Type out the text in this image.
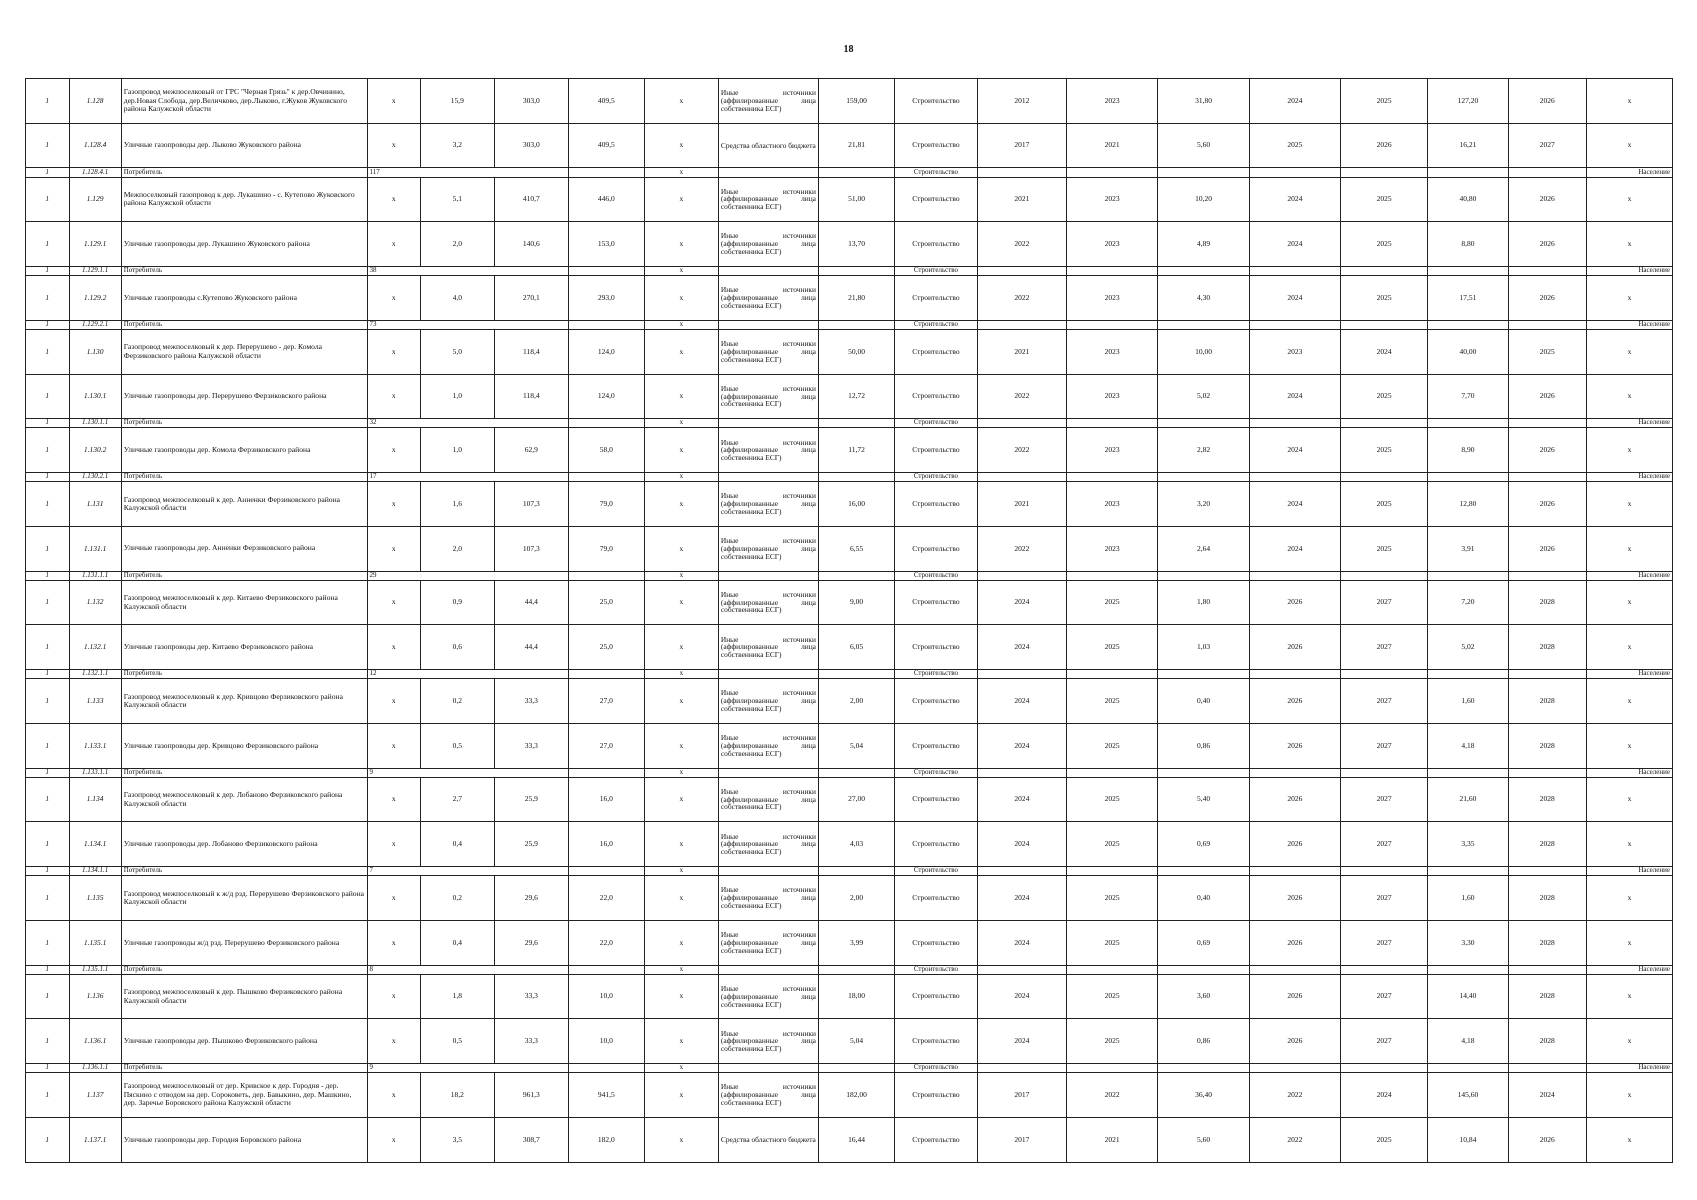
18
1	1.128	Газопровод межпоселковый от ГРС "Черная Грязь" к дер.Овчинино, дер.Новая Слобода, дер.Величково, дер.Лыково, г.Жуков Жуковского района Калужской области	x	15,9	303,0	409,5	x	Иные источники (аффилированные лица собственника ЕСГ)	159,00	Строительство	2012	2023	31,80	2024	2025	127,20	2026	x
1	1.128.4	Уличные газопроводы дер. Лыково Жуковского района	x	3,2	303,0	409,5	x	Средства областного бюджета	21,81	Строительство	2017	2021	5,60	2025	2026	16,21	2027	x
1	1.128.4.1	Потребитель	117				x			Строительство								Население
1	1.129	Межпоселковый газопровод к дер. Лукашино - с. Кутепово Жуковского района Калужской области	x	5,1	410,7	446,0	x	Иные источники (аффилированные лица собственника ЕСГ)	51,00	Строительство	2021	2023	10,20	2024	2025	40,80	2026	x
1	1.129.1	Уличные газопроводы дер. Лукашино Жуковского района	x	2,0	140,6	153,0	x	Иные источники (аффилированные лица собственника ЕСГ)	13,70	Строительство	2022	2023	4,89	2024	2025	8,80	2026	x
1	1.129.1.1	Потребитель	38				x			Строительство								Население
1	1.129.2	Уличные газопроводы с.Кутепово Жуковского района	x	4,0	270,1	293,0	x	Иные источники (аффилированные лица собственника ЕСГ)	21,80	Строительство	2022	2023	4,30	2024	2025	17,51	2026	x
1	1.129.2.1	Потребитель	73				x			Строительство								Население
1	1.130	Газопровод межпоселковый к дер. Перерушево - дер. Комола Ферзиковского района Калужской области	x	5,0	118,4	124,0	x	Иные источники (аффилированные лица собственника ЕСГ)	50,00	Строительство	2021	2023	10,00	2023	2024	40,00	2025	x
1	1.130.1	Уличные газопроводы дер. Перерушево Ферзиковского района	x	1,0	118,4	124,0	x	Иные источники (аффилированные лица собственника ЕСГ)	12,72	Строительство	2022	2023	5,02	2024	2025	7,70	2026	x
1	1.130.1.1	Потребитель	32				x			Строительство								Население
1	1.130.2	Уличные газопроводы дер. Комола Ферзиковского района	x	1,0	62,9	58,0	x	Иные источники (аффилированные лица собственника ЕСГ)	11,72	Строительство	2022	2023	2,82	2024	2025	8,90	2026	x
1	1.130.2.1	Потребитель	17				x			Строительство								Население
1	1.131	Газопровод межпоселковый к дер. Анненки Ферзиковского района Калужской области	x	1,6	107,3	79,0	x	Иные источники (аффилированные лица собственника ЕСГ)	16,00	Строительство	2021	2023	3,20	2024	2025	12,80	2026	x
1	1.131.1	Уличные газопроводы дер. Анненки Ферзиковского района	x	2,0	107,3	79,0	x	Иные источники (аффилированные лица собственника ЕСГ)	6,55	Строительство	2022	2023	2,64	2024	2025	3,91	2026	x
1	1.131.1.1	Потребитель	29				x			Строительство								Население
1	1.132	Газопровод межпоселковый к дер. Китаево Ферзиковского района Калужской области	x	0,9	44,4	25,0	x	Иные источники (аффилированные лица собственника ЕСГ)	9,00	Строительство	2024	2025	1,80	2026	2027	7,20	2028	x
1	1.132.1	Уличные газопроводы дер. Китаево Ферзиковского района	x	0,6	44,4	25,0	x	Иные источники (аффилированные лица собственника ЕСГ)	6,05	Строительство	2024	2025	1,03	2026	2027	5,02	2028	x
1	1.132.1.1	Потребитель	12				x			Строительство								Население
1	1.133	Газопровод межпоселковый к дер. Кривцово Ферзиковского района Калужской области	x	0,2	33,3	27,0	x	Иные источники (аффилированные лица собственника ЕСГ)	2,00	Строительство	2024	2025	0,40	2026	2027	1,60	2028	x
1	1.133.1	Уличные газопроводы дер. Кривцово Ферзиковского района	x	0,5	33,3	27,0	x	Иные источники (аффилированные лица собственника ЕСГ)	5,04	Строительство	2024	2025	0,86	2026	2027	4,18	2028	x
1	1.133.1.1	Потребитель	9				x			Строительство								Население
1	1.134	Газопровод межпоселковый к дер. Лобаново Ферзиковского района Калужской области	x	2,7	25,9	16,0	x	Иные источники (аффилированные лица собственника ЕСГ)	27,00	Строительство	2024	2025	5,40	2026	2027	21,60	2028	x
1	1.134.1	Уличные газопроводы дер. Лобаново Ферзиковского района	x	0,4	25,9	16,0	x	Иные источники (аффилированные лица собственника ЕСГ)	4,03	Строительство	2024	2025	0,69	2026	2027	3,35	2028	x
1	1.134.1.1	Потребитель	7				x			Строительство								Население
1	1.135	Газопровод межпоселковый к ж/д рзд. Перерушево Ферзиковского района Калужской области	x	0,2	29,6	22,0	x	Иные источники (аффилированные лица собственника ЕСГ)	2,00	Строительство	2024	2025	0,40	2026	2027	1,60	2028	x
1	1.135.1	Уличные газопроводы ж/д рзд. Перерушево Ферзиковского района	x	0,4	29,6	22,0	x	Иные источники (аффилированные лица собственника ЕСГ)	3,99	Строительство	2024	2025	0,69	2026	2027	3,30	2028	x
1	1.135.1.1	Потребитель	8				x			Строительство								Население
1	1.136	Газопровод межпоселковый к дер. Пышково Ферзиковского района Калужской области	x	1,8	33,3	10,0	x	Иные источники (аффилированные лица собственника ЕСГ)	18,00	Строительство	2024	2025	3,60	2026	2027	14,40	2028	x
1	1.136.1	Уличные газопроводы дер. Пышково Ферзиковского района	x	0,5	33,3	10,0	x	Иные источники (аффилированные лица собственника ЕСГ)	5,04	Строительство	2024	2025	0,86	2026	2027	4,18	2028	x
1	1.136.1.1	Потребитель	9				x			Строительство								Население
1	1.137	Газопровод межпоселковый от дер. Кривское к дер. Городня - дер. Пяскино с отводом на дер. Сороковеть, дер. Бавыкино, дер. Машкино, дер. Заречье Боровского района Калужской области	x	18,2	961,3	941,5	x	Иные источники (аффилированные лица собственника ЕСГ)	182,00	Строительство	2017	2022	36,40	2022	2024	145,60	2024	x
1	1.137.1	Уличные газопроводы дер. Городня Боровского района	x	3,5	308,7	182,0	x	Средства областного бюджета	16,44	Строительство	2017	2021	5,60	2022	2025	10,84	2026	x
